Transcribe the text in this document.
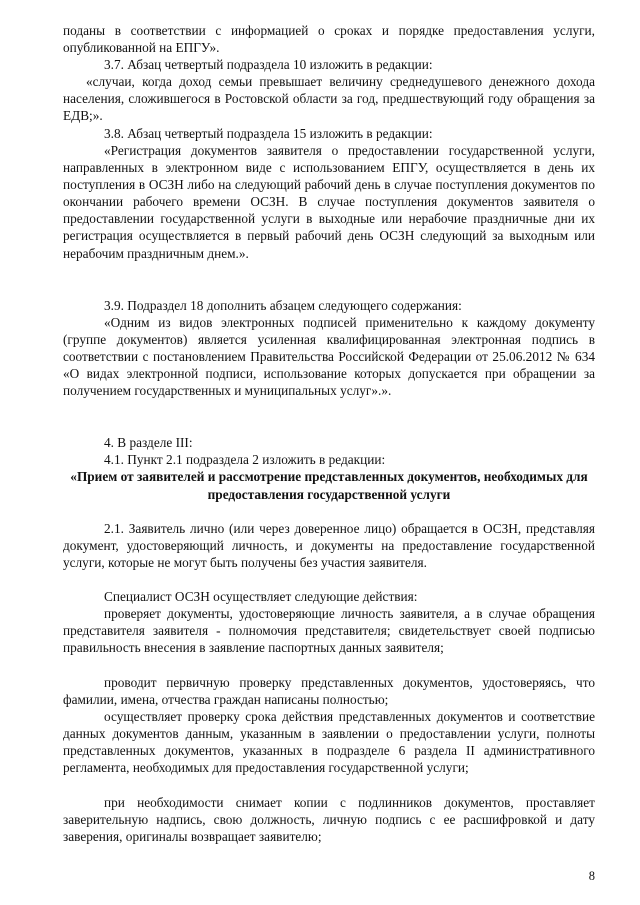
поданы в соответствии с информацией о сроках и порядке предоставления услуги, опубликованной на ЕПГУ».

3.7. Абзац четвертый подраздела 10 изложить в редакции:

«случаи, когда доход семьи превышает величину среднедушевого денежного дохода населения, сложившегося в Ростовской области за год, предшествующий году обращения за ЕДВ;».

3.8. Абзац четвертый подраздела 15 изложить в редакции:

«Регистрация документов заявителя о предоставлении государственной услуги, направленных в электронном виде с использованием ЕПГУ, осуществляется в день их поступления в ОСЗН либо на следующий рабочий день в случае поступления документов по окончании рабочего времени ОСЗН. В случае поступления документов заявителя о предоставлении государственной услуги в выходные или нерабочие праздничные дни их регистрация осуществляется в первый рабочий день ОСЗН следующий за выходным или нерабочим праздничным днем.».

3.9. Подраздел 18 дополнить абзацем следующего содержания:

«Одним из видов электронных подписей применительно к каждому документу (группе документов) является усиленная квалифицированная электронная подпись в соответствии с постановлением Правительства Российской Федерации от 25.06.2012 № 634 «О видах электронной подписи, использование которых допускается при обращении за получением государственных и муниципальных услуг».».

4. В разделе III:

4.1. Пункт 2.1 подраздела 2 изложить в редакции:

«Прием от заявителей и рассмотрение представленных документов, необходимых для предоставления государственной услуги

2.1. Заявитель лично (или через доверенное лицо) обращается в ОСЗН, представляя документ, удостоверяющий личность, и документы на предоставление государственной услуги, которые не могут быть получены без участия заявителя.

Специалист ОСЗН осуществляет следующие действия:

проверяет документы, удостоверяющие личность заявителя, а в случае обращения представителя заявителя - полномочия представителя; свидетельствует своей подписью правильность внесения в заявление паспортных данных заявителя;

проводит первичную проверку представленных документов, удостоверяясь, что фамилии, имена, отчества граждан написаны полностью;

осуществляет проверку срока действия представленных документов и соответствие данных документов данным, указанным в заявлении о предоставлении услуги, полноты представленных документов, указанных в подразделе 6 раздела II административного регламента, необходимых для предоставления государственной услуги;

при необходимости снимает копии с подлинников документов, проставляет заверительную надпись, свою должность, личную подпись с ее расшифровкой и дату заверения, оригиналы возвращает заявителю;

8
